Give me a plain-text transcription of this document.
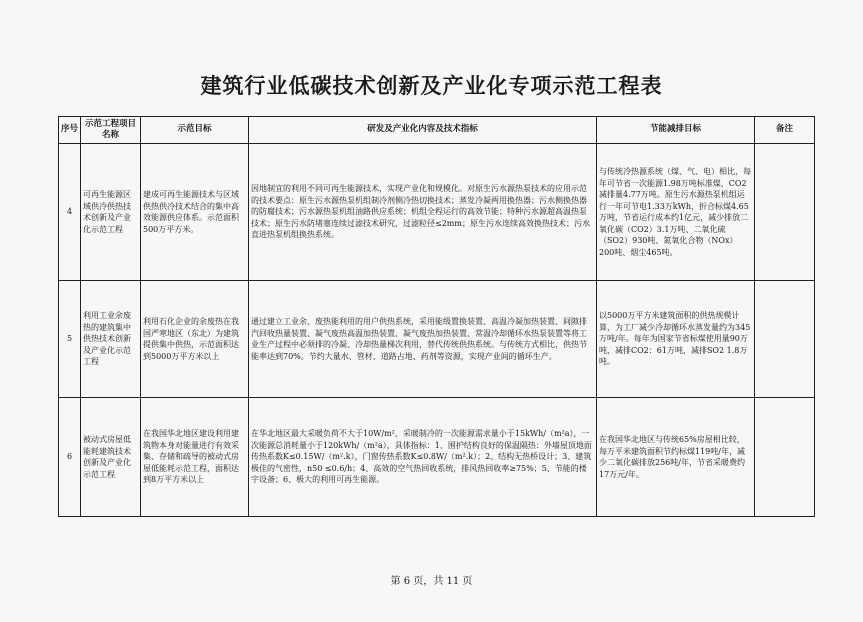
建筑行业低碳技术创新及产业化专项示范工程表
序号	示范工程项目名称	示范目标	研发及产业化内容及技术指标	节能减排目标	备注
4	可再生能源区域供冷供热技术创新及产业化示范工程	建成可再生能源技术与区域供热供冷技术结合的集中高效能源供应体系。示范面积500万平方米。	因地制宜的利用不同可再生能源技术，实现产业化和规模化。对原生污水源热泵技术的应用示范的技术要点：原生污水源热泵机组制冷剂侧冷热切换技术；蒸发冷凝两用换热器；污水侧换热器的防腐技术；污水源热泵机组油路供应系统；机组全程运行的高效节能；特种污水源超高温热泵技术；原生污水防堵塞连续过滤技术研究，过滤粒径≤2mm；原生污水连续高效换热技术；污水直进热泵机组换热系统。	与传统冷热源系统（煤、气、电）相比，每年可节省一次能源1.98万吨标准煤，CO2减排量4.77万吨。原生污水源热泵机组运行一年可节电1.33万kWh，折合标煤4.65万吨，节省运行成本约1亿元，减少排放二氧化碳（CO2）3.1万吨、二氧化硫（SO2）930吨、氮氧化合物（NOx）200吨、烟尘465吨。	
5	利用工业余废热的建筑集中供热技术创新及产业化示范工程	利用石化企业的余废热在我国严寒地区（东北）为建筑提供集中供热，示范面积达到5000万平方米以上	通过建立工业余、废热能利用的用户供热系统，采用能级置换装置、高温冷凝加热装置、间隙排汽回收热量装置、凝气废热高温加热装置、凝气废热加热装置、常温冷却循环水热泵装置等将工业生产过程中必须排的冷凝、冷却热量梯次利用，替代传统供热系统。与传统方式相比，供热节能率达到70%。节约大量水、管材、道路占地、药剂等资源，实现产业间的循环生产。	以5000万平方米建筑面积的供热规模计算，为工厂减少冷却循环水蒸发量约为345万吨/年。每年为国家节省标煤使用量90万吨，减排CO2：61万吨，减排SO2 1.8万吨。	
6	被动式房屋低能耗建筑技术创新及产业化示范工程	在我国华北地区建设利用建筑物本身对能量进行有效采集、存储和疏导的被动式房屋低能耗示范工程，面积达到8万平方米以上	在华北地区最大采暖负荷不大于10W/m²，采暖制冷的一次能源需求量小于15kWh/（m²a），一次能源总消耗量小于120kWh/（m²a），具体指标：1、围护结构良好的保温隔热：外墙屋顶地面传热系数K≤0.15W/（m².k），门窗传热系数K≤0.8W/（m².k）；2、结构无热桥设计；3、建筑极佳的气密性，n50 ≤0.6/h；4、高效的空气热回收系统，排风热回收率≥75%；5、节能的楼宇设备；6、极大的利用可再生能源。	在我国华北地区与传统65%房屋相比较，每万平米建筑面积节约标煤119吨/年，减少二氧化碳排放256吨/年，节省采暖费约17万元/年。	
第 6 页，共 11 页
